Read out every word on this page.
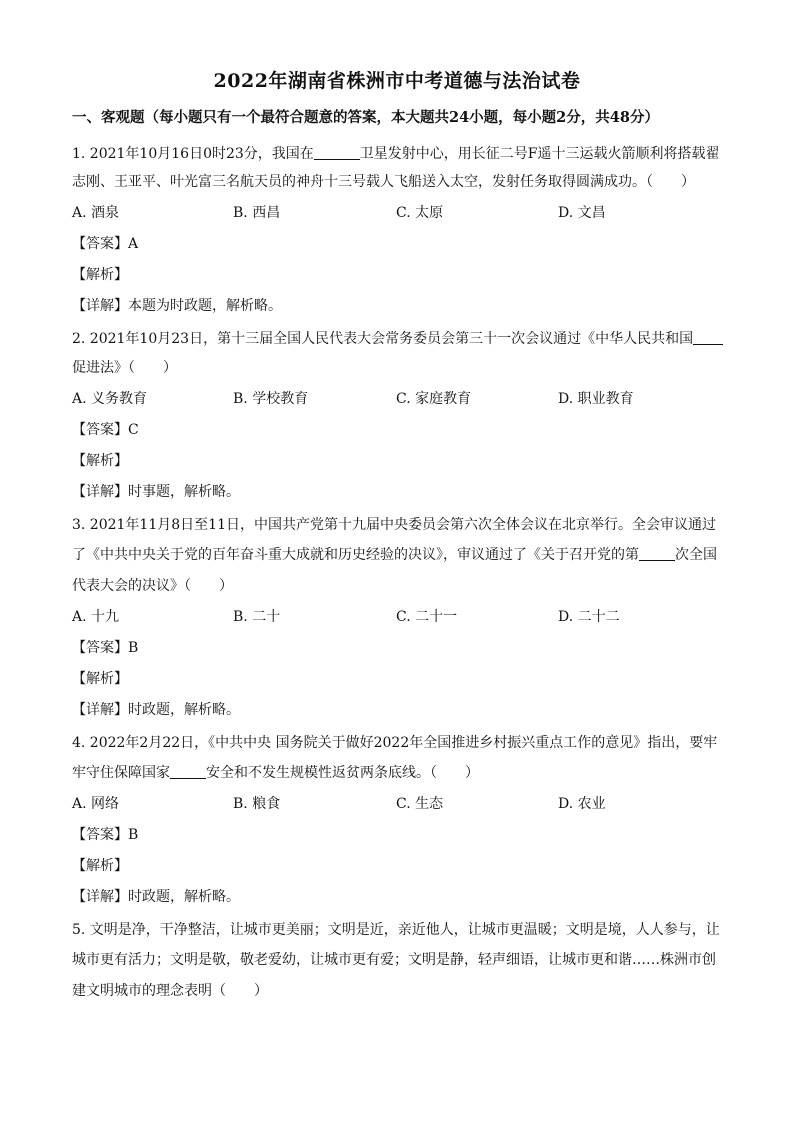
2022年湖南省株洲市中考道德与法治试卷
一、客观题（每小题只有一个最符合题意的答案，本大题共24小题，每小题2分，共48分）
1. 2021年10月16日0时23分，我国在	卫星发射中心，用长征二号F遥十三运载火箭顺利将搭载翟
志刚、王亚平、叶光富三名航天员的神舟十三号载人飞船送入太空，发射任务取得圆满成功。（　　）
A. 酒泉	B. 西昌	C. 太原	D. 文昌
【答案】A
【解析】
【详解】本题为时政题，解析略。
2. 2021年10月23日，第十三届全国人民代表大会常务委员会第三十一次会议通过《中华人民共和国
促进法》（　　）
A. 义务教育	B. 学校教育	C. 家庭教育	D. 职业教育
【答案】C
【解析】
【详解】时事题，解析略。
3. 2021年11月8日至11日，中国共产党第十九届中央委员会第六次全体会议在北京举行。全会审议通过
了《中共中央关于党的百年奋斗重大成就和历史经验的决议》，审议通过了《关于召开党的第	次全国
代表大会的决议》（　　）
A. 十九	B. 二十	C. 二十一	D. 二十二
【答案】B
【解析】
【详解】时政题，解析略。
4. 2022年2月22日，《中共中央 国务院关于做好2022年全国推进乡村振兴重点工作的意见》指出，要牢
牢守住保障国家	安全和不发生规模性返贫两条底线。（　　）
A. 网络	B. 粮食	C. 生态	D. 农业
【答案】B
【解析】
【详解】时政题，解析略。
5. 文明是净，干净整洁，让城市更美丽；文明是近，亲近他人，让城市更温暖；文明是境，人人参与，让
城市更有活力；文明是敬，敬老爱幼，让城市更有爱；文明是静，轻声细语，让城市更和谐……株洲市创
建文明城市的理念表明（　　）
